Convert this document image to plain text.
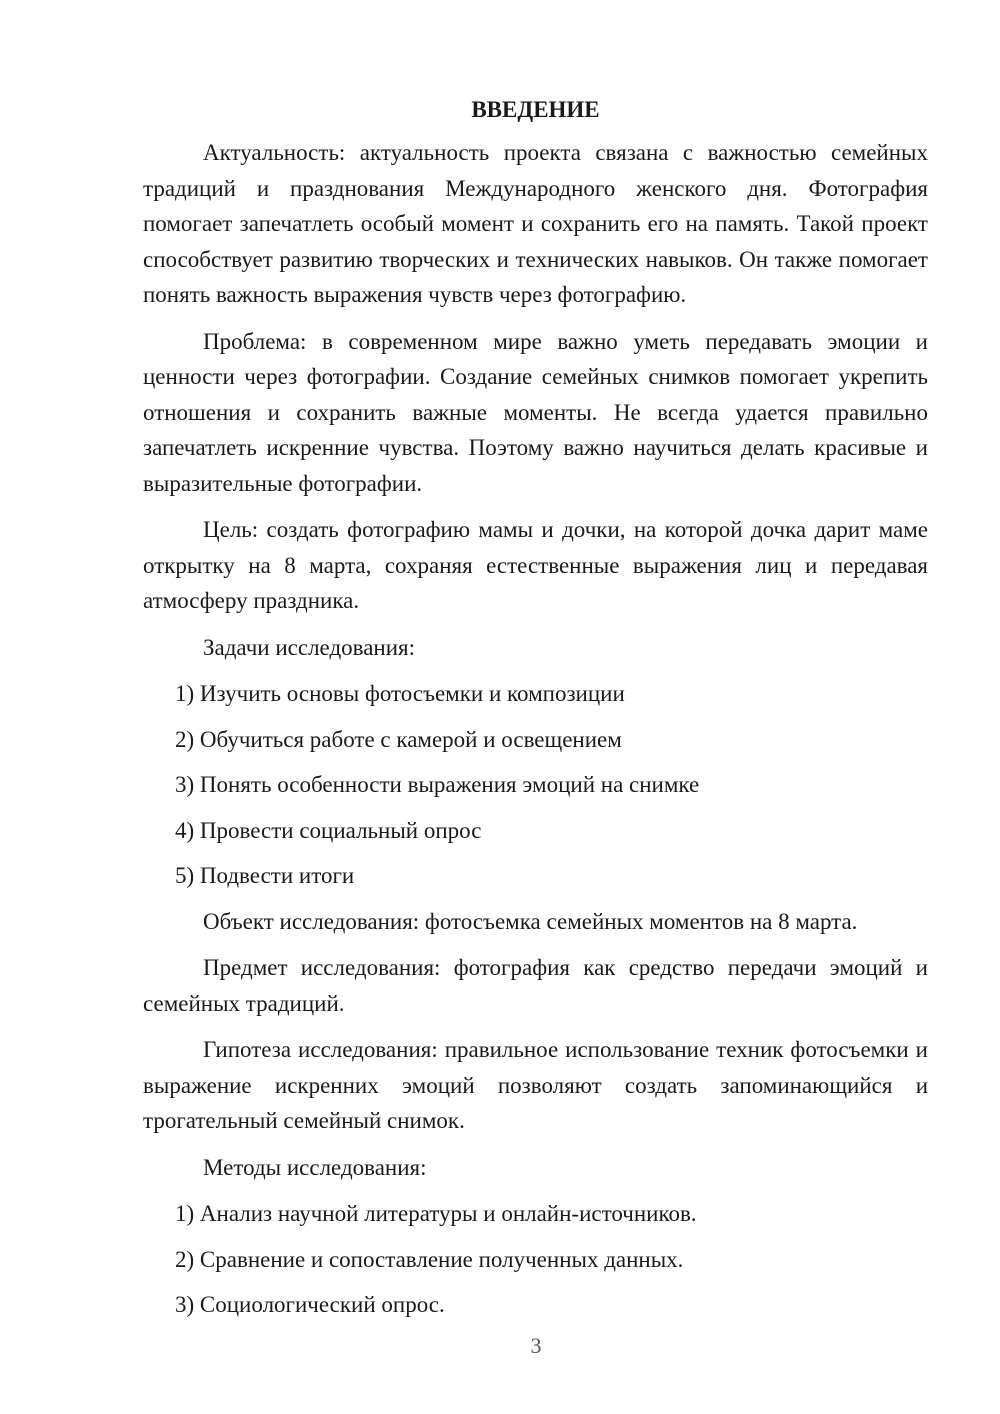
ВВЕДЕНИЕ

Актуальность: актуальность проекта связана с важностью семейных традиций и празднования Международного женского дня. Фотография помогает запечатлеть особый момент и сохранить его на память. Такой проект способствует развитию творческих и технических навыков. Он также помогает понять важность выражения чувств через фотографию.

Проблема: в современном мире важно уметь передавать эмоции и ценности через фотографии. Создание семейных снимков помогает укрепить отношения и сохранить важные моменты. Не всегда удается правильно запечатлеть искренние чувства. Поэтому важно научиться делать красивые и выразительные фотографии.

Цель: создать фотографию мамы и дочки, на которой дочка дарит маме открытку на 8 марта, сохраняя естественные выражения лиц и передавая атмосферу праздника.

Задачи исследования:

1) Изучить основы фотосъемки и композиции
2) Обучиться работе с камерой и освещением
3) Понять особенности выражения эмоций на снимке
4) Провести социальный опрос
5) Подвести итоги

Объект исследования: фотосъемка семейных моментов на 8 марта.

Предмет исследования: фотография как средство передачи эмоций и семейных традиций.

Гипотеза исследования: правильное использование техник фотосъемки и выражение искренних эмоций позволяют создать запоминающийся и трогательный семейный снимок.

Методы исследования:

1) Анализ научной литературы и онлайн-источников.
2) Сравнение и сопоставление полученных данных.
3) Социологический опрос.
3
